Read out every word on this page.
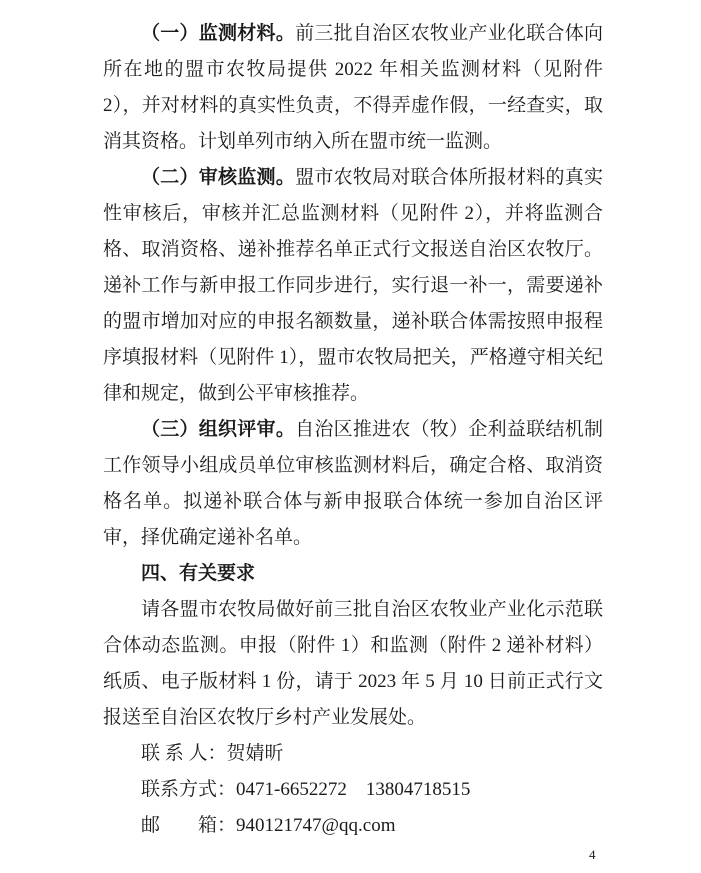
（一）监测材料。前三批自治区农牧业产业化联合体向所在地的盟市农牧局提供 2022 年相关监测材料（见附件 2），并对材料的真实性负责，不得弄虚作假，一经查实，取消其资格。计划单列市纳入所在盟市统一监测。

（二）审核监测。盟市农牧局对联合体所报材料的真实性审核后，审核并汇总监测材料（见附件 2），并将监测合格、取消资格、递补推荐名单正式行文报送自治区农牧厅。递补工作与新申报工作同步进行，实行退一补一，需要递补的盟市增加对应的申报名额数量，递补联合体需按照申报程序填报材料（见附件 1），盟市农牧局把关，严格遵守相关纪律和规定，做到公平审核推荐。

（三）组织评审。自治区推进农（牧）企利益联结机制工作领导小组成员单位审核监测材料后，确定合格、取消资格名单。拟递补联合体与新申报联合体统一参加自治区评审，择优确定递补名单。

四、有关要求

请各盟市农牧局做好前三批自治区农牧业产业化示范联合体动态监测。申报（附件 1）和监测（附件 2 递补材料）纸质、电子版材料 1 份，请于 2023 年 5 月 10 日前正式行文报送至自治区农牧厅乡村产业发展处。

联 系 人：贺婧昕

联系方式：0471-6652272　13804718515

邮　　箱：940121747@qq.com

4
